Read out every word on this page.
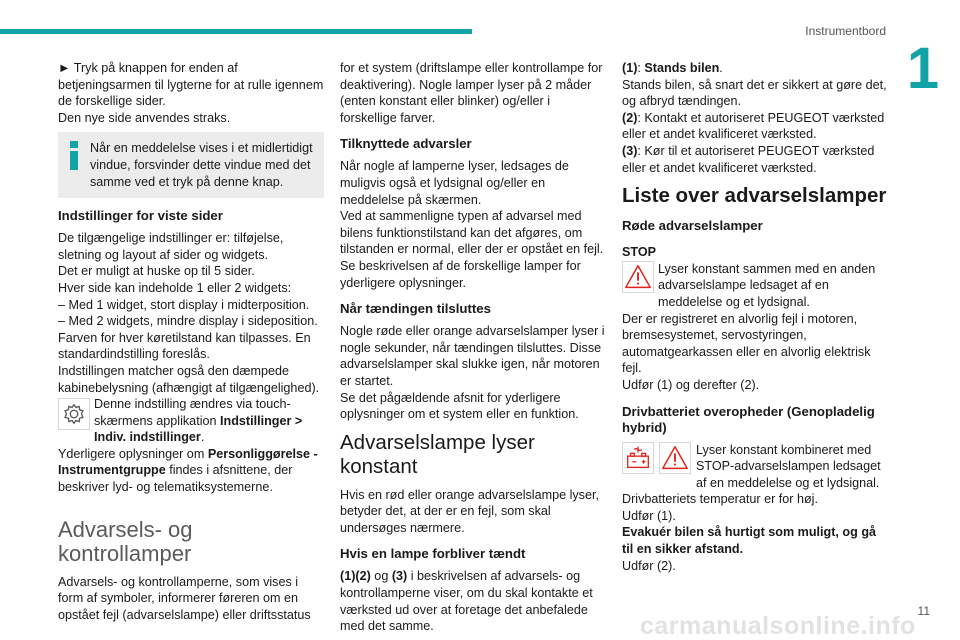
Instrumentbord
1

► Tryk på knappen for enden af betjeningsarmen til lygterne for at rulle igennem de forskellige sider.

Den nye side anvendes straks.

Når en meddelelse vises i et midlertidigt vindue, forsvinder dette vindue med det samme ved et tryk på denne knap.

Indstillinger for viste sider

De tilgængelige indstillinger er: tilføjelse, sletning og layout af sider og widgets.

Det er muligt at huske op til 5 sider.

Hver side kan indeholde 1 eller 2 widgets:

– Med 1 widget, stort display i midterposition.

– Med 2 widgets, mindre display i sideposition.

Farven for hver køretilstand kan tilpasses. En standardindstilling foreslås.

Indstillingen matcher også den dæmpede kabinebelysning (afhængigt af tilgængelighed).

Denne indstilling ændres via touch-skærmens applikation Indstillinger > Indiv. indstillinger.

Yderligere oplysninger om Personliggørelse - Instrumentgruppe findes i afsnittene, der beskriver lyd- og telematiksystemerne.

Advarsels- og kontrollamper

Advarsels- og kontrollamperne, som vises i form af symboler, informerer føreren om en opstået fejl (advarselslampe) eller driftsstatus

for et system (driftslampe eller kontrollampe for deaktivering). Nogle lamper lyser på 2 måder (enten konstant eller blinker) og/eller i forskellige farver.

Tilknyttede advarsler

Når nogle af lamperne lyser, ledsages de muligvis også et lydsignal og/eller en meddelelse på skærmen.

Ved at sammenligne typen af advarsel med bilens funktionstilstand kan det afgøres, om tilstanden er normal, eller der er opstået en fejl. Se beskrivelsen af de forskellige lamper for yderligere oplysninger.

Når tændingen tilsluttes

Nogle røde eller orange advarselslamper lyser i nogle sekunder, når tændingen tilsluttes. Disse advarselslamper skal slukke igen, når motoren er startet.

Se det pågældende afsnit for yderligere oplysninger om et system eller en funktion.

Advarselslampe lyser konstant

Hvis en rød eller orange advarselslampe lyser, betyder det, at der er en fejl, som skal undersøges nærmere.

Hvis en lampe forbliver tændt

(1)(2) og (3) i beskrivelsen af advarsels- og kontrollamperne viser, om du skal kontakte et værksted ud over at foretage det anbefalede med det samme.

(1): Stands bilen.

Stands bilen, så snart det er sikkert at gøre det, og afbryd tændingen.

(2): Kontakt et autoriseret PEUGEOT værksted eller et andet kvalificeret værksted.

(3): Kør til et autoriseret PEUGEOT værksted eller et andet kvalificeret værksted.

Liste over advarselslamper
Røde advarselslamper

STOP

Lyser konstant sammen med en anden advarselslampe ledsaget af en meddelelse og et lydsignal.

Der er registreret en alvorlig fejl i motoren, bremsesystemet, servostyringen, automatgearkassen eller en alvorlig elektrisk fejl.

Udfør (1) og derefter (2).

Drivbatteriet overopheder (Genopladelig hybrid)

Lyser konstant kombineret med STOP-advarselslampen ledsaget af en meddelelse og et lydsignal.

Drivbatteriets temperatur er for høj.

Udfør (1).

Evakuér bilen så hurtigt som muligt, og gå til en sikker afstand.

Udfør (2).

carmanualsonline.info
11
